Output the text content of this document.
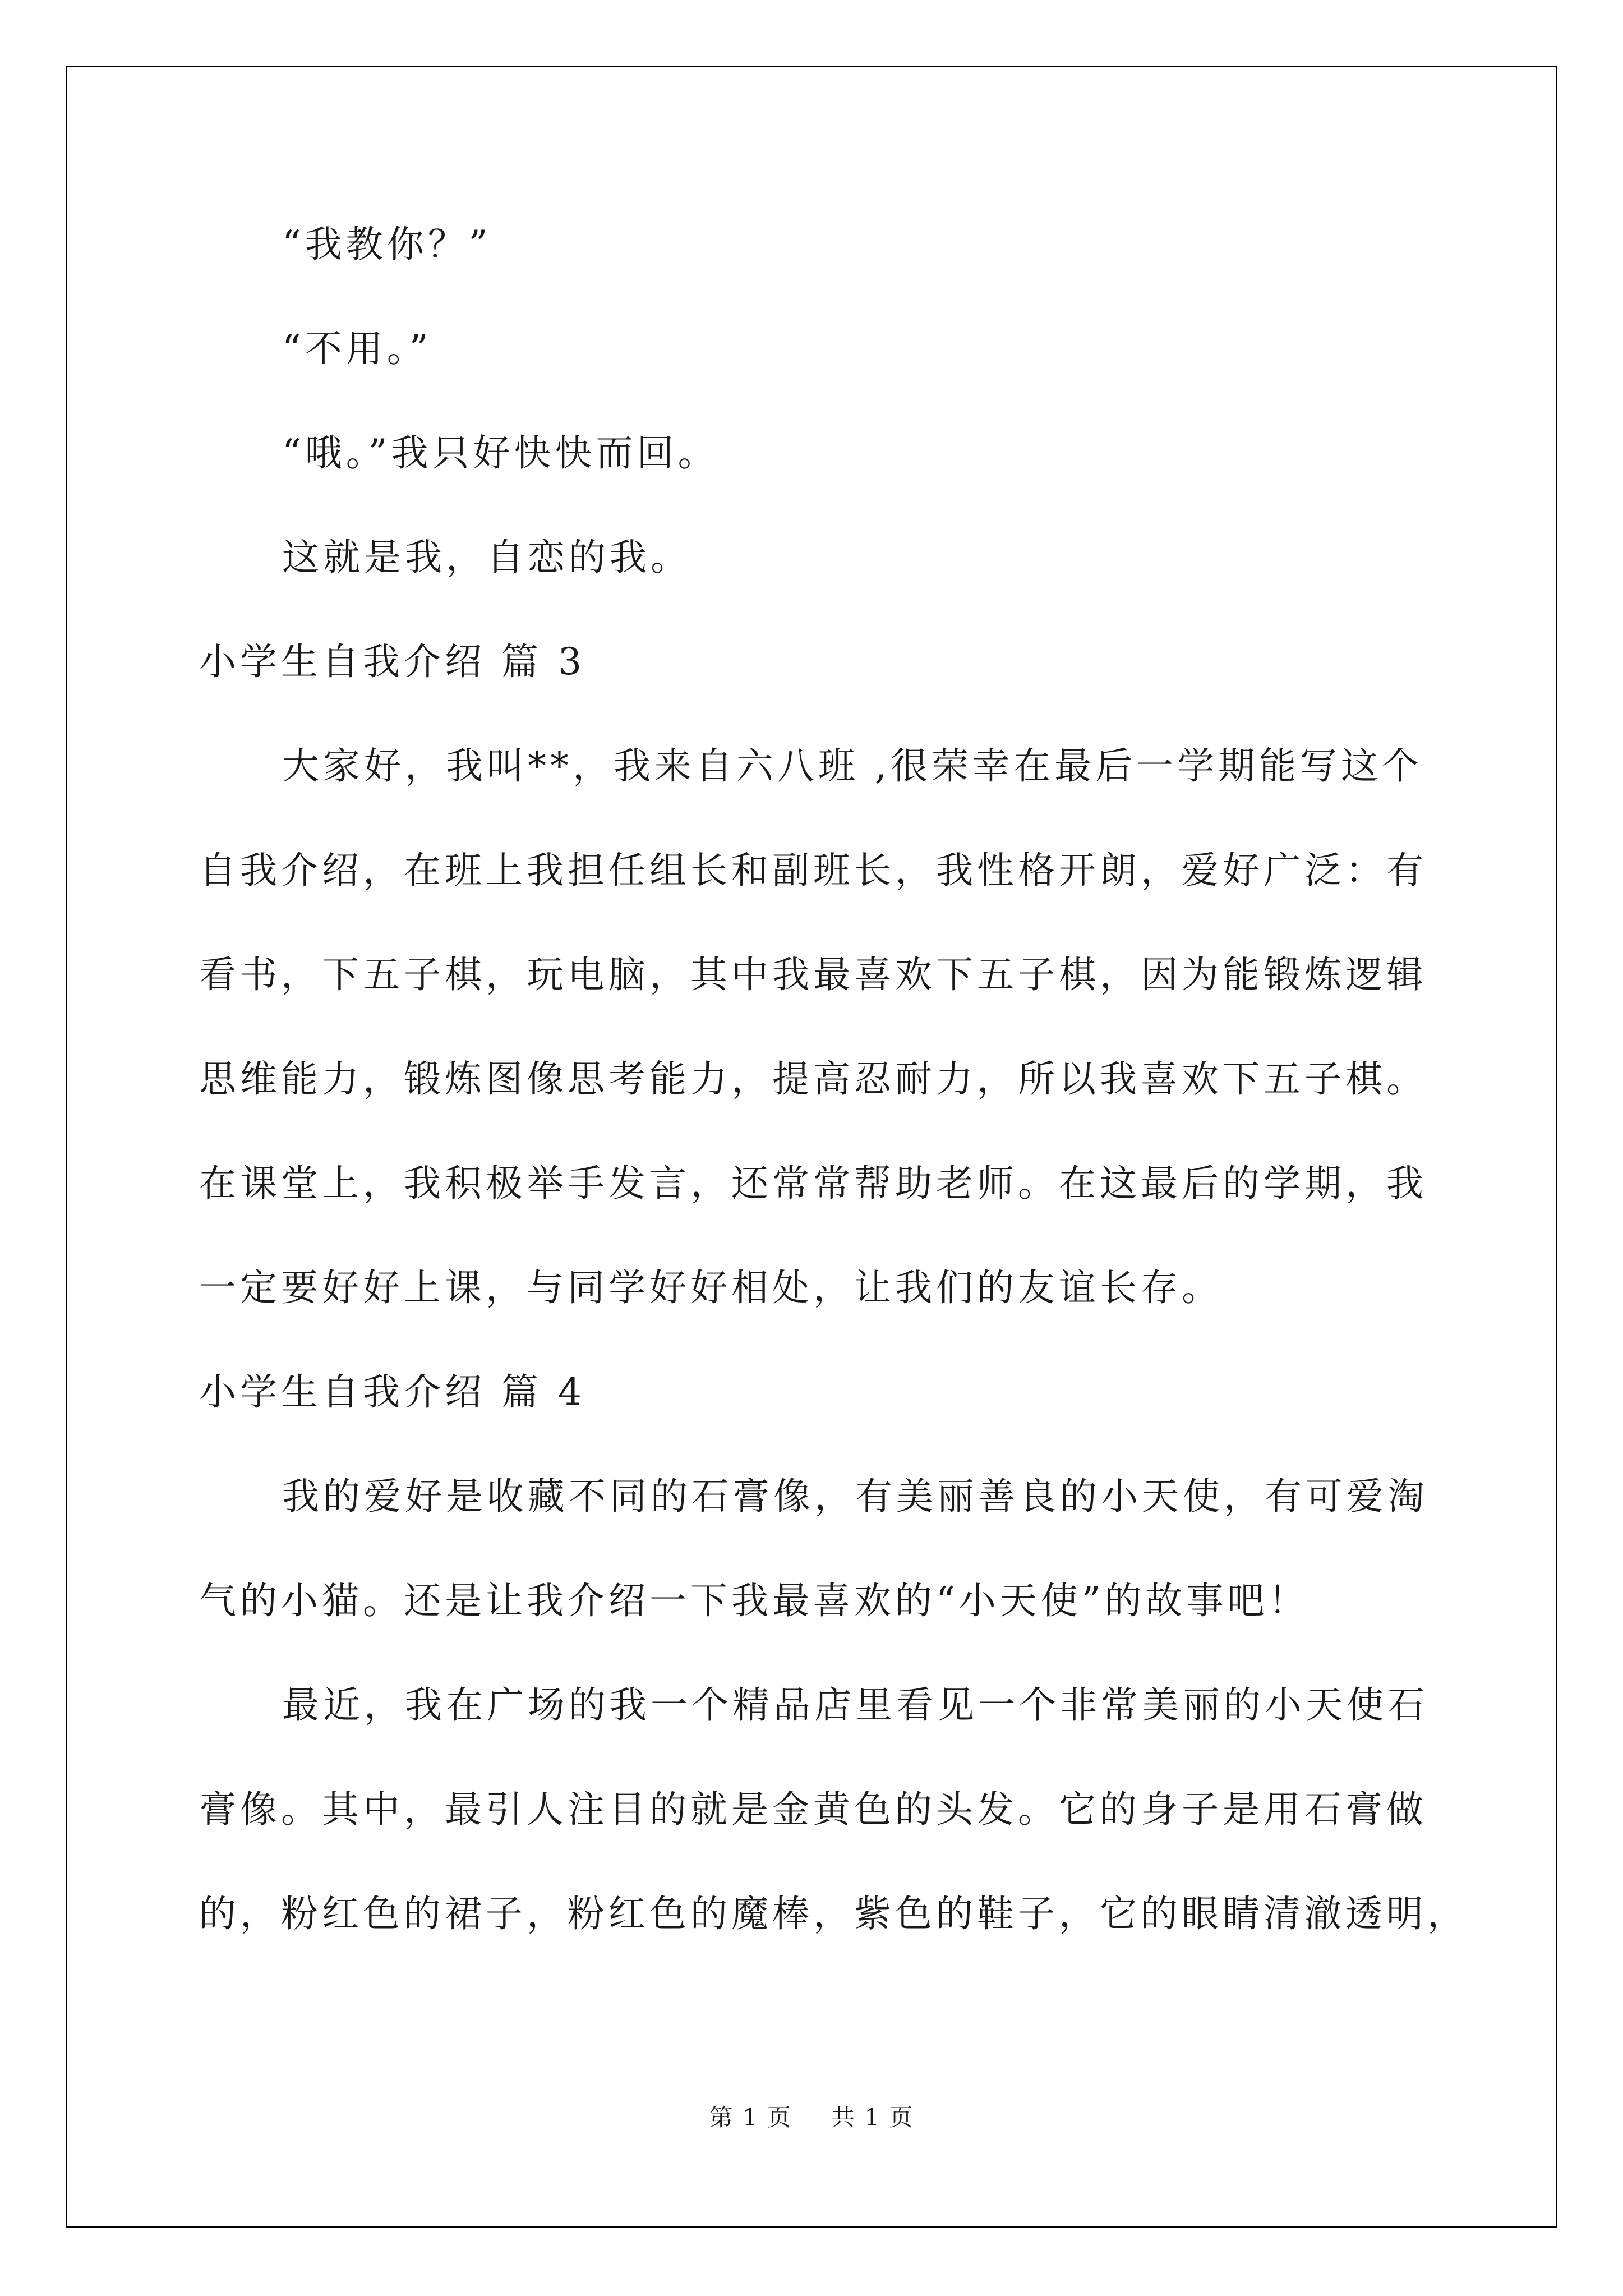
“我教你？”
“不用。”
“哦。”我只好快快而回。
这就是我，自恋的我。
小学生自我介绍 篇 3
大家好，我叫**，我来自六八班 ,很荣幸在最后一学期能写这个
自我介绍，在班上我担任组长和副班长，我性格开朗，爱好广泛：有
看书，下五子棋，玩电脑，其中我最喜欢下五子棋，因为能锻炼逻辑
思维能力，锻炼图像思考能力，提高忍耐力，所以我喜欢下五子棋。
在课堂上，我积极举手发言，还常常帮助老师。在这最后的学期，我
一定要好好上课，与同学好好相处，让我们的友谊长存。
小学生自我介绍 篇 4
我的爱好是收藏不同的石膏像，有美丽善良的小天使，有可爱淘
气的小猫。还是让我介绍一下我最喜欢的“小天使”的故事吧！
最近，我在广场的我一个精品店里看见一个非常美丽的小天使石
膏像。其中，最引人注目的就是金黄色的头发。它的身子是用石膏做
的，粉红色的裙子，粉红色的魔棒，紫色的鞋子，它的眼睛清澈透明，
第 1 页 共 1 页
